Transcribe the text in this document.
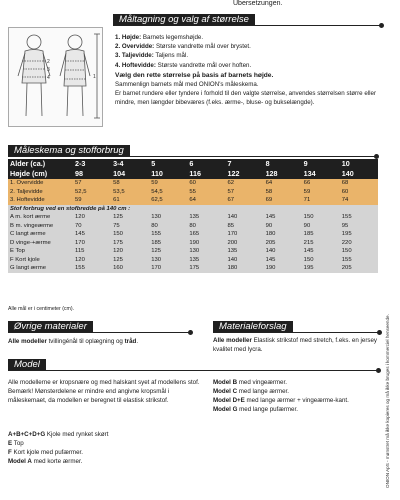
Übersetzungen.
Måltagning og valg af størrelse
2
3
4	1

1. Højde: Barnets legemshøjde.

2. Overvidde: Største vandrette mål over brystet.

3. Taljevidde: Taljens mål.

4. Hoftevidde: Største vandrette mål over hoften.

Vælg den rette størrelse på basis af barnets højde.

Sammenlign barnets mål med ONION's måleskema.

Er barnet rundere eller tyndere i forhold til den valgte størrelse, anvendes størrelsen større eller mindre, men længder bibeværes (f.eks. ærme-, bluse- og bukselængde).

Måleskema og stofforbrug
Alder (ca.)	2-3	3-4	5	6	7	8	9	10
Højde (cm)	98	104	110	116	122	128	134	140
1. Overvidde	57	58	59	60	62	64	66	68
2. Taljevidde	52,5	53,5	54,5	55	57	58	59	60
3. Hoftevidde	59	61	62,5	64	67	69	71	74
Stof forbrug ved en stofbredde på 140 cm :								
A m. kort ærme	120	125	130	135	140	145	150	155
B m. vingeærme	70	75	80	80	85	90	90	95
C langt ærme	145	150	155	165	170	180	185	195
D vinge-+ærme	170	175	185	190	200	205	215	220
E Top	115	120	125	130	135	140	145	150
F Kort kjole	120	125	130	135	140	145	150	155
G langt ærme	155	160	170	175	180	190	195	205
Alle mål er i centimeter (cm).
Øvrige materialer
Alle modeller tvillingénål til oplægning og tråd.
Materialeforslag
Alle modeller Elastisk strikstof med stretch, f.eks. en jersey kvalitet med lycra.
Model

Alle modellerne er kropsnære og med halskant syet af modellens stof.

Bemærk! Mønsterdelene er mindre end angivne kropsmål i måleskemaet, da modellen er beregnet til elastisk strikstof.

A+B+C+D+G Kjole med rynket skørt

E Top

F Kort kjole med pufærmer.

Model A med korte ærmer.

Model B med vingeærmer.

Model C med lange ærmer.

Model D+E med lange ærmer + vingeærme-kant.

Model G med lange pufærmer.	ONION ApS - mønstret må ikke kopieres og må ikke bruges i kommerciel henseende.
